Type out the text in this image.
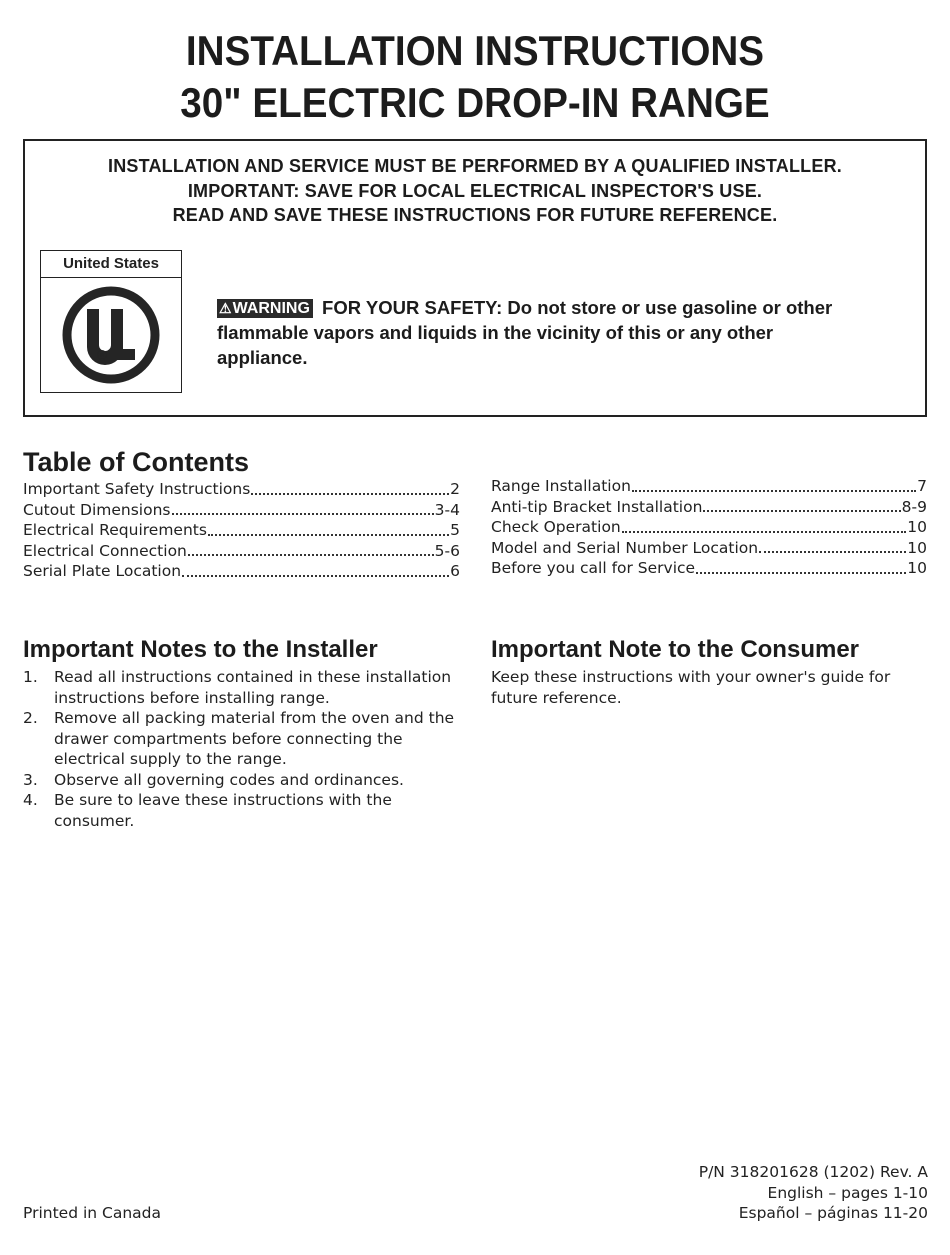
INSTALLATION INSTRUCTIONS
30" ELECTRIC DROP-IN RANGE
INSTALLATION AND SERVICE MUST BE PERFORMED BY A QUALIFIED INSTALLER.
IMPORTANT: SAVE FOR LOCAL ELECTRICAL INSPECTOR'S USE.
READ AND SAVE THESE INSTRUCTIONS FOR FUTURE REFERENCE.
United States
R
⚠WARNING FOR YOUR SAFETY: Do not store or use gasoline or other flammable vapors and liquids in the vicinity of this or any other appliance.
Table of Contents
Important Safety Instructions	2
Cutout Dimensions	3-4
Electrical Requirements	5
Electrical Connection	5-6
Serial Plate Location	6
Range Installation	7
Anti-tip Bracket Installation	8-9
Check Operation	10
Model and Serial Number Location	10
Before you call for Service	10
Important Notes to the Installer
1.	Read all instructions contained in these installation instructions before installing range.
2.	Remove all packing material from the oven and the drawer compartments before connecting the electrical supply to the range.
3.	Observe all governing codes and ordinances.
4.	Be sure to leave these instructions with the consumer.
Important Note to the Consumer
Keep these instructions with your owner's guide for future reference.
P/N 318201628 (1202) Rev. A
English – pages 1-10
Español – páginas 11-20
Printed in Canada
